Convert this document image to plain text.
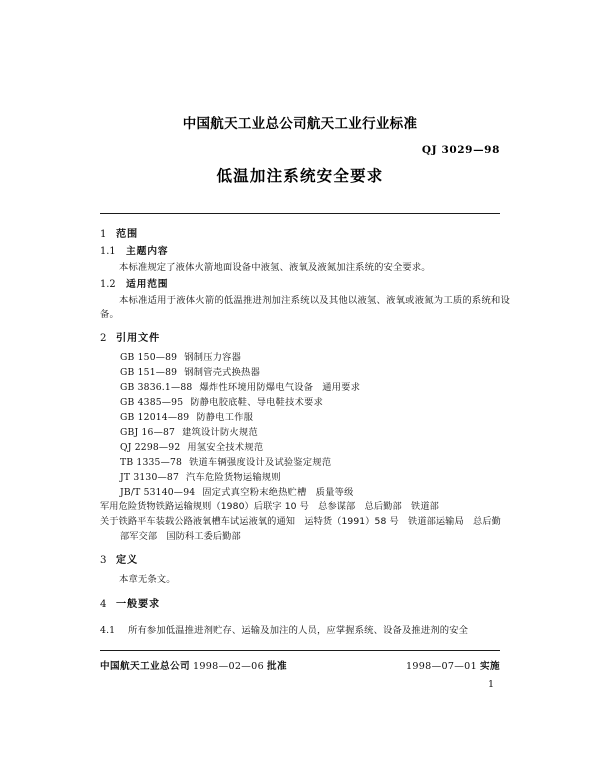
中国航天工业总公司航天工业行业标准
QJ 3029—98
低温加注系统安全要求
1 范围
1.1 主题内容

本标准规定了液体火箭地面设备中液氢、液氧及液氮加注系统的安全要求。

1.2 适用范围

本标准适用于液体火箭的低温推进剂加注系统以及其他以液氢、液氧或液氮为工质的系统和设备。

2 引用文件
GB 150—89 钢制压力容器
GB 151—89 钢制管壳式换热器
GB 3836.1—88 爆炸性环境用防爆电气设备 通用要求
GB 4385—95 防静电胶底鞋、导电鞋技术要求
GB 12014—89 防静电工作服
GBJ 16—87 建筑设计防火规范
QJ 2298—92 用氢安全技术规范
TB 1335—78 铁道车辆强度设计及试验鉴定规范
JT 3130—87 汽车危险货物运输规则
JB/T 53140—94 固定式真空粉末绝热贮槽 质量等级
军用危险货物铁路运输规则（1980）后联字 10 号　总参谋部　总后勤部　铁道部
关于铁路平车装载公路液氧槽车试运液氧的通知　运特货（1991）58 号　铁道部运输局　总后勤部军交部　国防科工委后勤部
3 定义

本章无条文。

4 一般要求

4.1 所有参加低温推进剂贮存、运输及加注的人员，应掌握系统、设备及推进剂的安全

中国航天工业总公司 1998—02—06 批准	1998—07—01 实施
1
